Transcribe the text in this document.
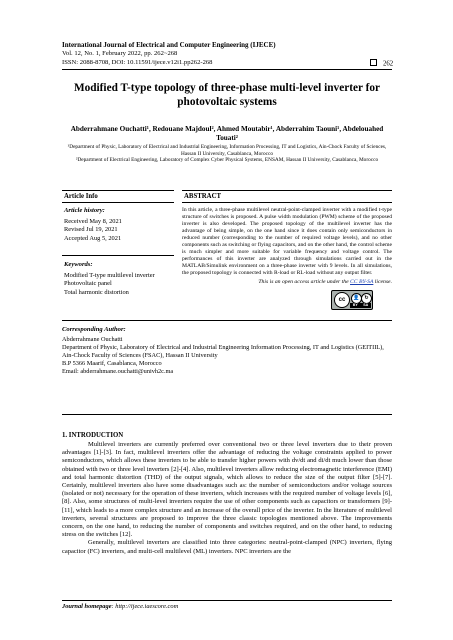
International Journal of Electrical and Computer Engineering (IJECE)
Vol. 12, No. 1, February 2022, pp. 262~268
ISSN: 2088-8708, DOI: 10.11591/ijece.v12i1.pp262-268	262
Modified T-type topology of three-phase multi-level inverter for photovoltaic systems
Abderrahmane Ouchatti¹, Redouane Majdoul², Ahmed Moutabir¹, Abderrahim Taouni¹, Abdelouahed Touati²
¹Department of Physic, Laboratory of Electrical and Industrial Engineering, Information Processing, IT and Logistics, Ain-Chock Faculty of Sciences, Hassan II University, Casablanca, Morocco
²Department of Electrical Engineering, Laboratory of Complex Cyber Physical Systems, ENSAM, Hassan II University, Casablanca, Morocco
Article Info
Article history:
Received May 8, 2021
Revised Jul 19, 2021
Accepted Aug 5, 2021
Keywords:
Modified T-type multilevel inverter
Photovoltaic panel
Total harmonic distortion
ABSTRACT
In this article, a three-phase multilevel neutral-point-clamped inverter with a modified t-type structure of switches is proposed. A pulse width modulation (PWM) scheme of the proposed inverter is also developed. The proposed topology of the multilevel inverter has the advantage of being simple, on the one hand since it does contain only semiconductors in reduced number (corresponding to the number of required voltage levels), and no other components such as switching or flying capacitors, and on the other hand, the control scheme is much simpler and more suitable for variable frequency and voltage control. The performances of this inverter are analyzed through simulations carried out in the MATLAB/Simulink environment on a three-phase inverter with 9 levels. In all simulations, the proposed topology is connected with R-load or RL-load without any output filter.
This is an open access article under the CC BY-SA license.
cc	👤 ↻
BY SA
Corresponding Author:
Abderrahmane Ouchatti
Department of Physic, Laboratory of Electrical and Industrial Engineering Information Processing, IT and Logistics (GEITIIL), Ain-Chock Faculty of Sciences (FSAC), Hassan II University
B.P 5366 Maarif, Casablanca, Morocco
Email: abderrahmane.ouchatti@univh2c.ma
1. INTRODUCTION

Multilevel inverters are currently preferred over conventional two or three level inverters due to their proven advantages [1]-[3]. In fact, multilevel inverters offer the advantage of reducing the voltage constraints applied to power semiconductors, which allows these inverters to be able to transfer higher powers with dv/dt and di/dt much lower than those obtained with two or three level inverters [2]-[4]. Also, multilevel inverters allow reducing electromagnetic interference (EMI) and total harmonic distortion (THD) of the output signals, which allows to reduce the size of the output filter [5]-[7]. Certainly, multilevel inverters also have some disadvantages such as: the number of semiconductors and/or voltage sources (isolated or not) necessary for the operation of these inverters, which increases with the required number of voltage levels [6], [8]. Also, some structures of multi-level inverters require the use of other components such as capacitors or transformers [9]-[11], which leads to a more complex structure and an increase of the overall price of the inverter. In the literature of multilevel inverters, several structures are proposed to improve the three classic topologies mentioned above. The improvements concern, on the one hand, to reducing the number of components and switches required, and on the other hand, to reducing stress on the switches [12].

Generally, multilevel inverters are classified into three categories: neutral-point-clamped (NPC) inverters, flying capacitor (FC) inverters, and multi-cell multilevel (ML) inverters. NPC inverters are the

Journal homepage: http://ijece.iaescore.com
